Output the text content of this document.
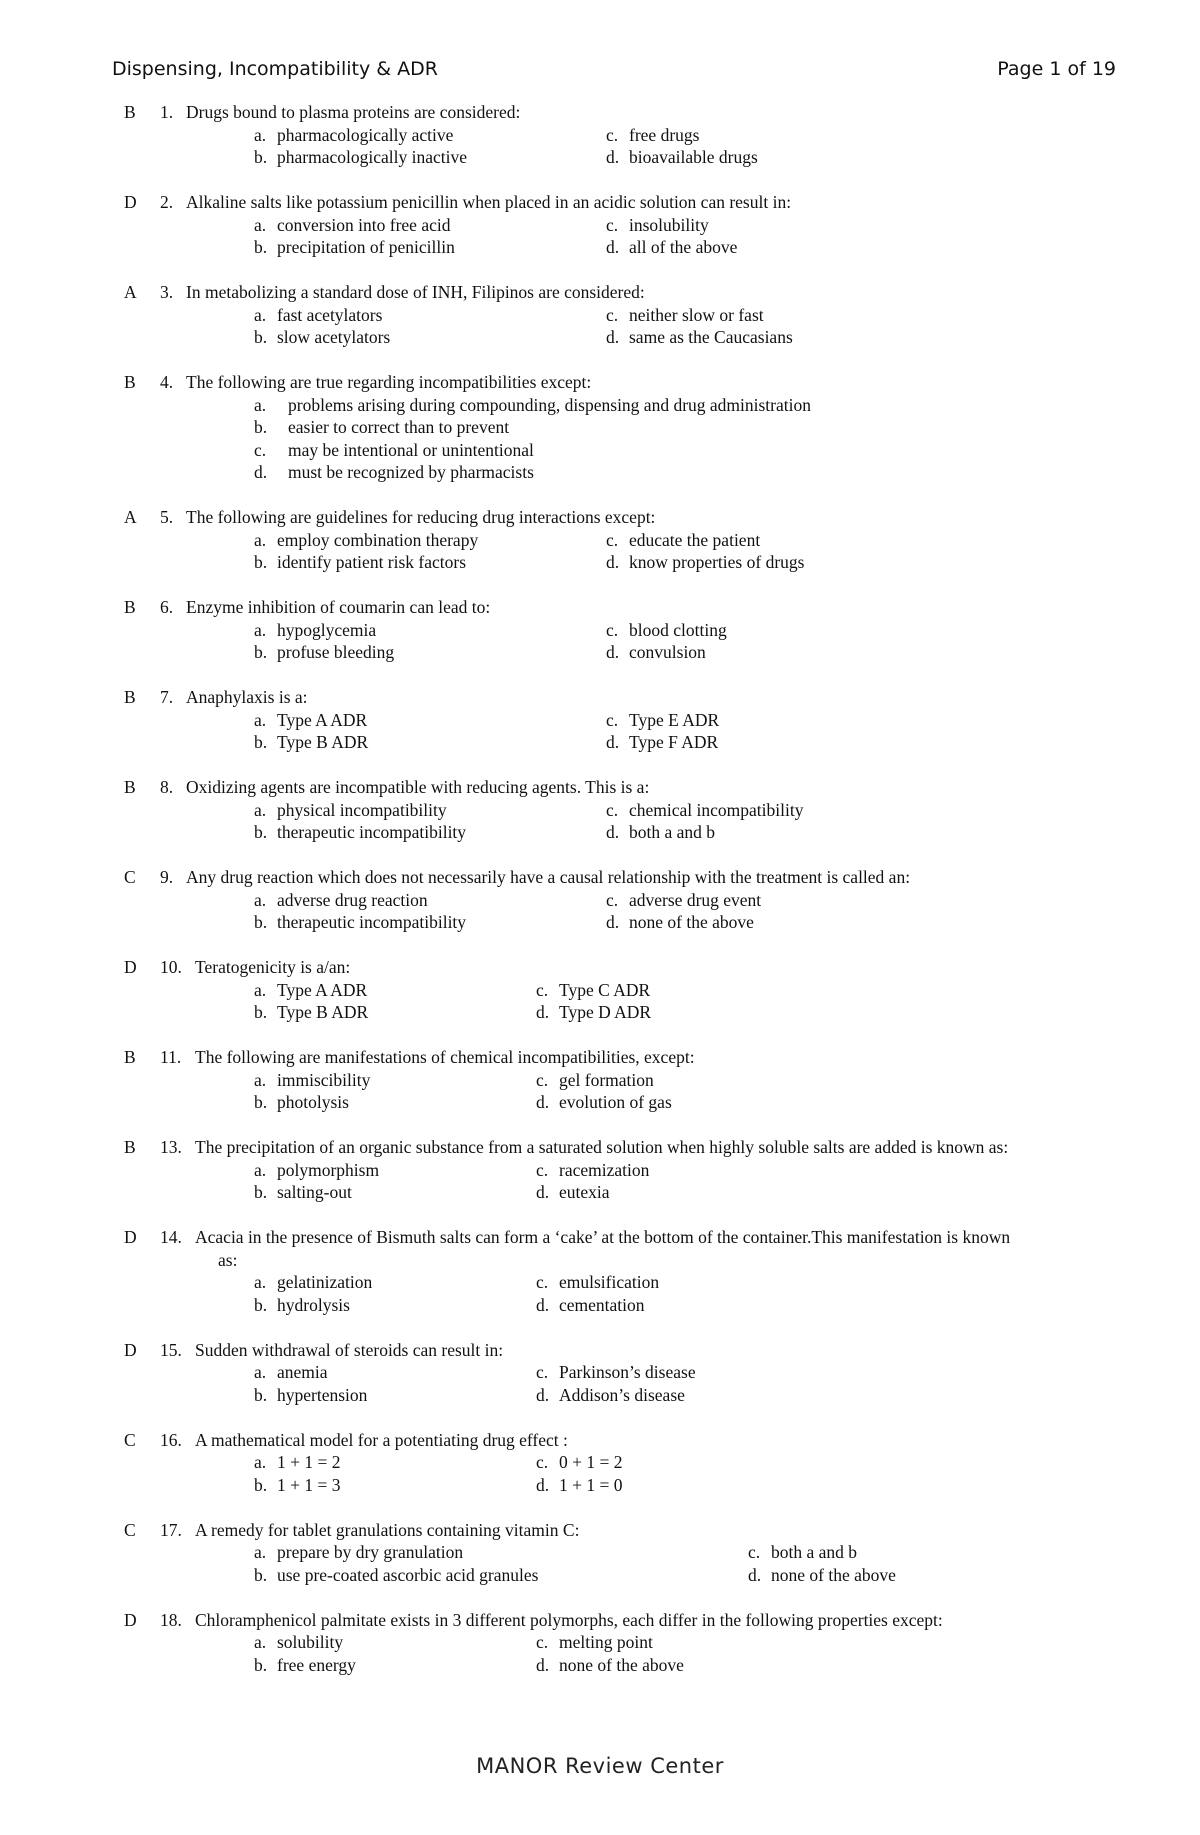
Dispensing, Incompatibility & ADR	Page 1 of 19
B 1. Drugs bound to plasma proteins are considered:
a. pharmacologically active	c. free drugs
b. pharmacologically inactive	d. bioavailable drugs
D 2. Alkaline salts like potassium penicillin when placed in an acidic solution can result in:
a. conversion into free acid	c. insolubility
b. precipitation of penicillin	d. all of the above
A 3. In metabolizing a standard dose of INH, Filipinos are considered:
a. fast acetylators	c. neither slow or fast
b. slow acetylators	d. same as the Caucasians
B 4. The following are true regarding incompatibilities except:
a. problems arising during compounding, dispensing and drug administration
b. easier to correct than to prevent
c. may be intentional or unintentional
d. must be recognized by pharmacists
A 5. The following are guidelines for reducing drug interactions except:
a. employ combination therapy	c. educate the patient
b. identify patient risk factors	d. know properties of drugs
B 6. Enzyme inhibition of coumarin can lead to:
a. hypoglycemia	c. blood clotting
b. profuse bleeding	d. convulsion
B 7. Anaphylaxis is a:
a. Type A ADR	c. Type E ADR
b. Type B ADR	d. Type F ADR
B 8. Oxidizing agents are incompatible with reducing agents. This is a:
a. physical incompatibility	c. chemical incompatibility
b. therapeutic incompatibility	d. both a and b
C 9. Any drug reaction which does not necessarily have a causal relationship with the treatment is called an:
a. adverse drug reaction	c. adverse drug event
b. therapeutic incompatibility	d. none of the above
D 10. Teratogenicity is a/an:
a. Type A ADR	c. Type C ADR
b. Type B ADR	d. Type D ADR
B 11. The following are manifestations of chemical incompatibilities, except:
a. immiscibility	c. gel formation
b. photolysis	d. evolution of gas
B 13. The precipitation of an organic substance from a saturated solution when highly soluble salts are added is known as:
a. polymorphism	c. racemization
b. salting-out	d. eutexia
D 14. Acacia in the presence of Bismuth salts can form a ‘cake’ at the bottom of the container.This manifestation is known
as:
a. gelatinization	c. emulsification
b. hydrolysis	d. cementation
D 15. Sudden withdrawal of steroids can result in:
a. anemia	c. Parkinson’s disease
b. hypertension	d. Addison’s disease
C 16. A mathematical model for a potentiating drug effect :
a. 1 + 1 = 2	c. 0 + 1 = 2
b. 1 + 1 = 3	d. 1 + 1 = 0
C 17. A remedy for tablet granulations containing vitamin C:
a. prepare by dry granulation	c. both a and b
b. use pre-coated ascorbic acid granules	d. none of the above
D 18. Chloramphenicol palmitate exists in 3 different polymorphs, each differ in the following properties except:
a. solubility	c. melting point
b. free energy	d. none of the above
MANOR Review Center
